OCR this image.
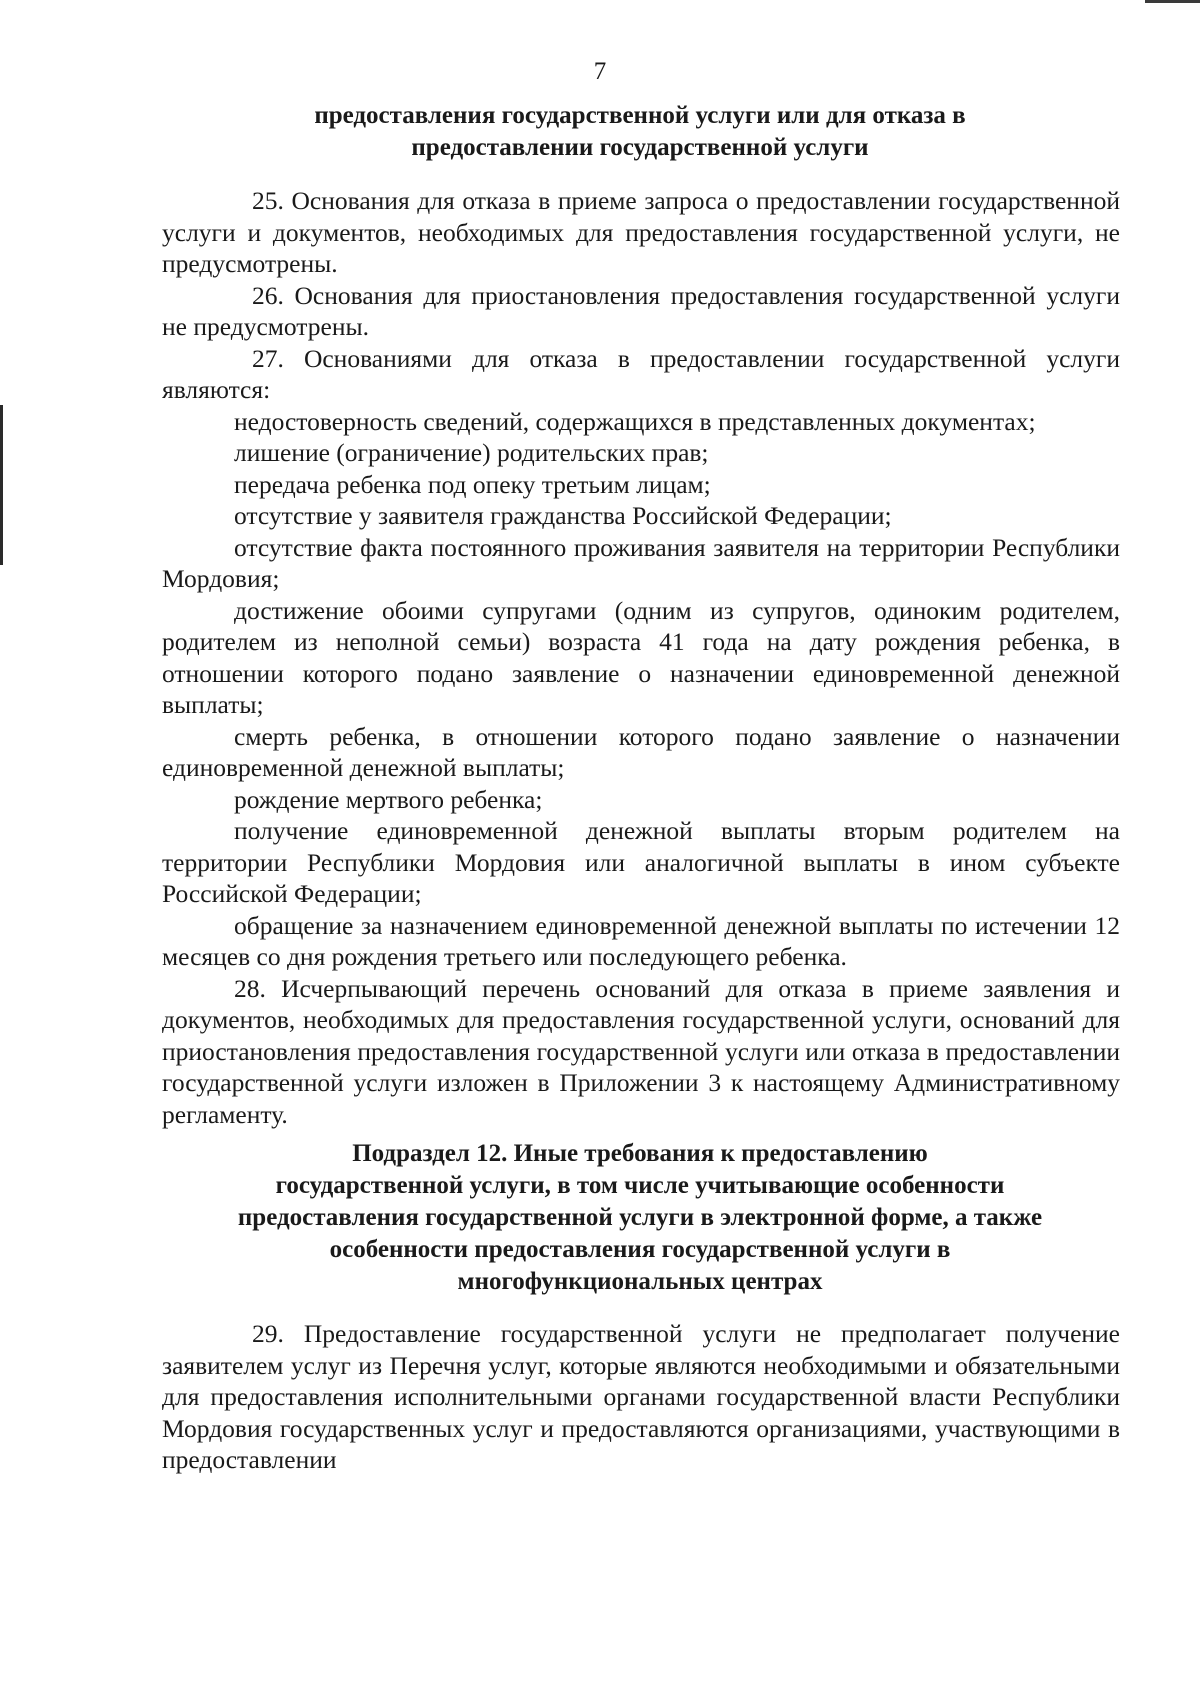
7
предоставления государственной услуги или для отказа в
предоставлении государственной услуги

25. Основания для отказа в приеме запроса о предоставлении государственной услуги и документов, необходимых для предоставления государственной услуги, не предусмотрены.

26. Основания для приостановления предоставления государственной услуги не предусмотрены.

27. Основаниями для отказа в предоставлении государственной услуги являются:

недостоверность сведений, содержащихся в представленных документах;

лишение (ограничение) родительских прав;

передача ребенка под опеку третьим лицам;

отсутствие у заявителя гражданства Российской Федерации;

отсутствие факта постоянного проживания заявителя на территории Республики Мордовия;

достижение обоими супругами (одним из супругов, одиноким родителем, родителем из неполной семьи) возраста 41 года на дату рождения ребенка, в отношении которого подано заявление о назначении единовременной денежной выплаты;

смерть ребенка, в отношении которого подано заявление о назначении единовременной денежной выплаты;

рождение мертвого ребенка;

получение единовременной денежной выплаты вторым родителем на территории Республики Мордовия или аналогичной выплаты в ином субъекте Российской Федерации;

обращение за назначением единовременной денежной выплаты по истечении 12 месяцев со дня рождения третьего или последующего ребенка.

28. Исчерпывающий перечень оснований для отказа в приеме заявления и документов, необходимых для предоставления государственной услуги, оснований для приостановления предоставления государственной услуги или отказа в предоставлении государственной услуги изложен в Приложении 3 к настоящему Административному регламенту.

Подраздел 12. Иные требования к предоставлению
государственной услуги, в том числе учитывающие особенности
предоставления государственной услуги в электронной форме, а также
особенности предоставления государственной услуги в
многофункциональных центрах

29. Предоставление государственной услуги не предполагает получение заявителем услуг из Перечня услуг, которые являются необходимыми и обязательными для предоставления исполнительными органами государственной власти Республики Мордовия государственных услуг и предоставляются организациями, участвующими в предоставлении
